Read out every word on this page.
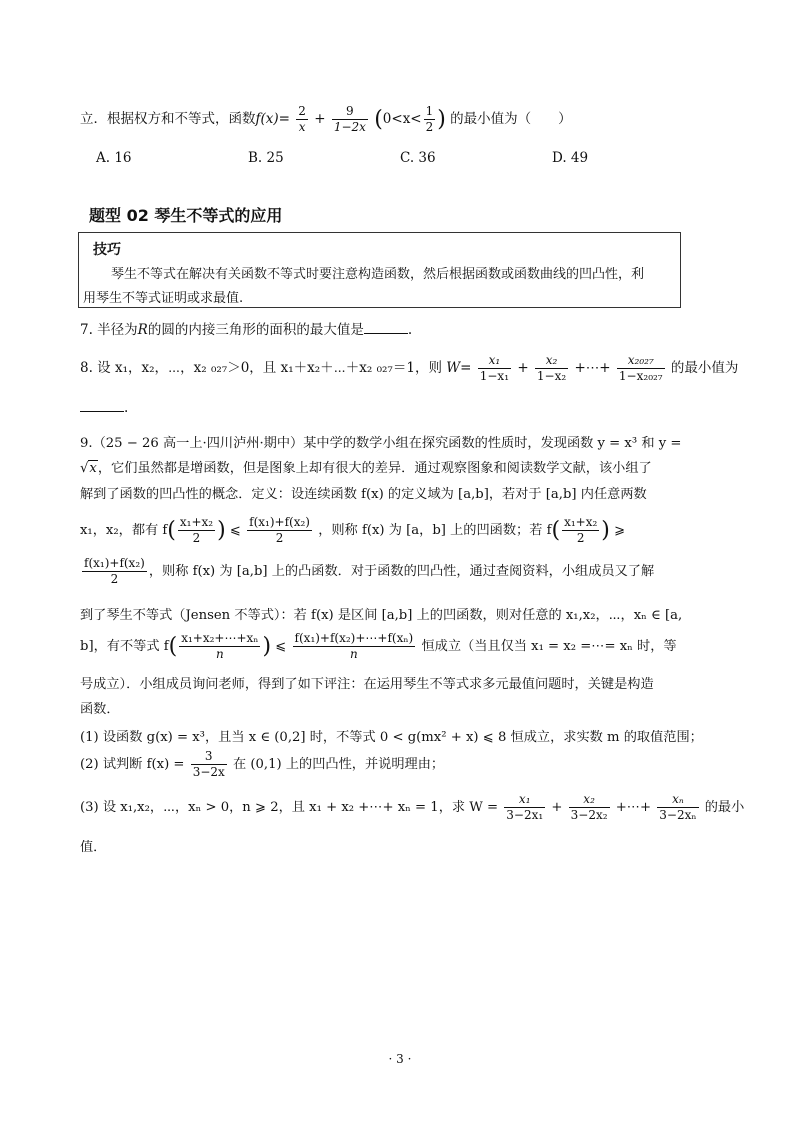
立．根据权方和不等式，函数$f(x)= \frac{2}{x} + \frac{9}{1-2x} (0<x< \frac{1}{2}$ ) 的最小值为（　　）
A. 16	B. 25	C. 36	D. 49
题型 02 琴生不等式的应用
技巧
琴生不等式在解决有关函数不等式时要注意构造函数，然后根据函数或函数曲线的凹凸性，利
用琴生不等式证明或求最值.
7. 半径为R的圆的内接三角形的面积的最大值是	.
8. 设 x₁，x₂，⋯，x₂ ₀₂₇＞0，且 x₁＋x₂＋⋯＋x₂ ₀₂₇＝1，则 $W= \frac{\text{x₁}}{\text{1−x₁}} + \frac{\text{x₂}}{\text{1−x₂}}$ +⋯+ $\frac{\text{x₂₀₂₇}}{\text{1−x₂₀₂₇}}$ 的最小值为
.
9.（25 − 26 高一上·四川泸州·期中）某中学的数学小组在探究函数的性质时，发现函数 y = x³ 和 y =
√x，它们虽然都是增函数，但是图象上却有很大的差异．通过观察图象和阅读数学文献，该小组了
解到了函数的凹凸性的概念．定义：设连续函数 f(x) 的定义域为 [a,b]，若对于 [a,b] 内任意两数
x₁，x₂，都有 $f( \frac{\text{x₁+x₂}}{2}$ ) ⩽ $\frac{\text{f(x₁)+f(x₂)}}{2}$ ，则称 f(x) 为 [a，b] 上的凹函数；若 $f( \frac{\text{x₁+x₂}}{2}$ ) ⩾
$\frac{\text{f(x₁)+f(x₂)}}{2}$ ，则称 f(x) 为 [a,b] 上的凸函数．对于函数的凹凸性，通过查阅资料，小组成员又了解
到了琴生不等式（Jensen 不等式）：若 f(x) 是区间 [a,b] 上的凹函数，则对任意的 x₁,x₂，⋯，xₙ ∈ [a,
b]，有不等式 $f( \frac{\text{x₁+x₂+⋯+xₙ}}{n}$ ) ⩽ $\frac{\text{f(x₁)+f(x₂)+⋯+f(xₙ)}}{n}$ 恒成立（当且仅当 x₁ = x₂ =⋯= xₙ 时，等
号成立）．小组成员询问老师，得到了如下评注：在运用琴生不等式求多元最值问题时，关键是构造
函数．
(1) 设函数 g(x) = x³，且当 x ∈ (0,2] 时，不等式 0 < g(mx² + x) ⩽ 8 恒成立，求实数 m 的取值范围；
(2) 试判断 $f(x) = \frac{3}{3-2x}$ 在 (0,1) 上的凹凸性，并说明理由；
(3) 设 x₁,x₂，⋯，xₙ > 0，n ⩾ 2，且 x₁ + x₂ +⋯+ xₙ = 1，求 $W = \frac{\text{x₁}}{\text{3−2x₁}} + \frac{\text{x₂}}{\text{3−2x₂}}$ +⋯+ $\frac{\text{xₙ}}{\text{3−2xₙ}}$ 的最小
值．
· 3 ·
